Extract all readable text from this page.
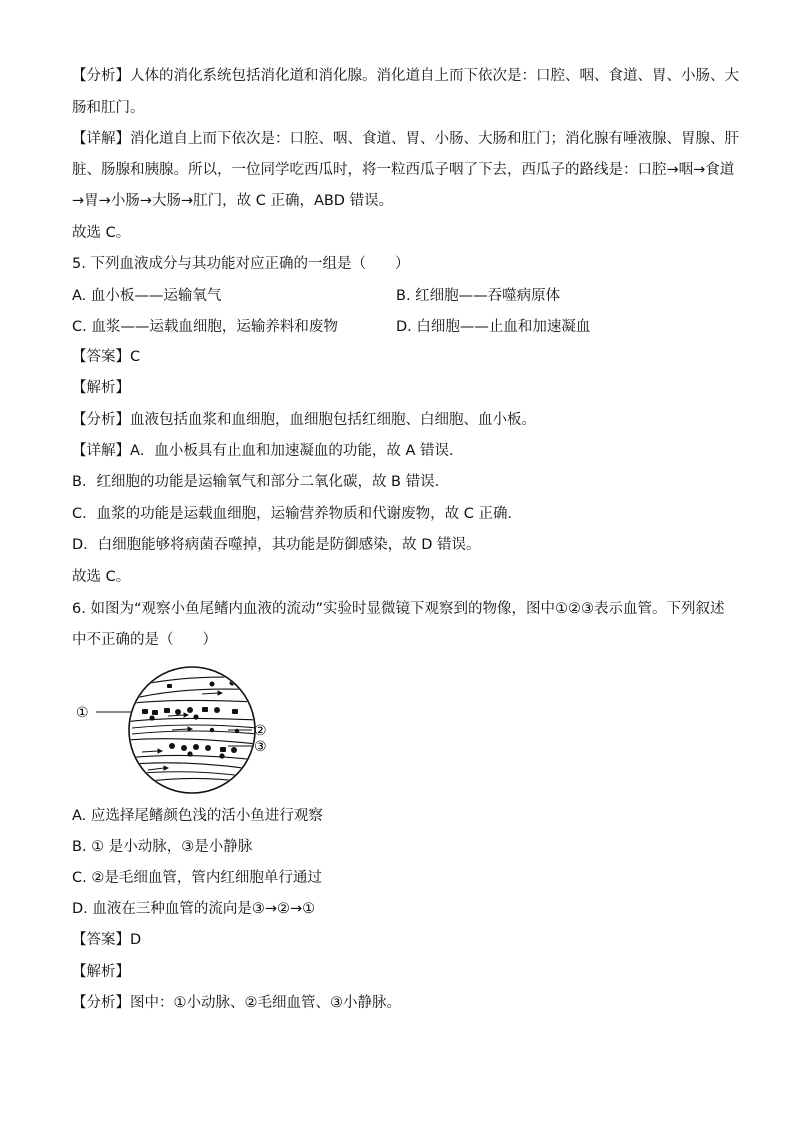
【分析】人体的消化系统包括消化道和消化腺。消化道自上而下依次是：口腔、咽、食道、胃、小肠、大
肠和肛门。
【详解】消化道自上而下依次是：口腔、咽、食道、胃、小肠、大肠和肛门；消化腺有唾液腺、胃腺、肝
脏、肠腺和胰腺。所以，一位同学吃西瓜时，将一粒西瓜子咽了下去，西瓜子的路线是：口腔→咽→食道
→胃→小肠→大肠→肛门，故 C 正确，ABD 错误。
故选 C。
5. 下列血液成分与其功能对应正确的一组是（　　）
A. 血小板——运输氧气	B. 红细胞——吞噬病原体
C. 血浆——运载血细胞，运输养料和废物	D. 白细胞——止血和加速凝血
【答案】C
【解析】
【分析】血液包括血浆和血细胞，血细胞包括红细胞、白细胞、血小板。
【详解】A．血小板具有止血和加速凝血的功能，故 A 错误．
B．红细胞的功能是运输氧气和部分二氧化碳，故 B 错误．
C．血浆的功能是运载血细胞，运输营养物质和代谢废物，故 C 正确．
D．白细胞能够将病菌吞噬掉，其功能是防御感染，故 D 错误。
故选 C。
6. 如图为“观察小鱼尾鳍内血液的流动”实验时显微镜下观察到的物像，图中①②③表示血管。下列叙述
中不正确的是（　　）
①
②
③
A. 应选择尾鳍颜色浅的活小鱼进行观察
B. ① 是小动脉，③是小静脉
C. ②是毛细血管，管内红细胞单行通过
D. 血液在三种血管的流向是③→②→①
【答案】D
【解析】
【分析】图中：①小动脉、②毛细血管、③小静脉。
